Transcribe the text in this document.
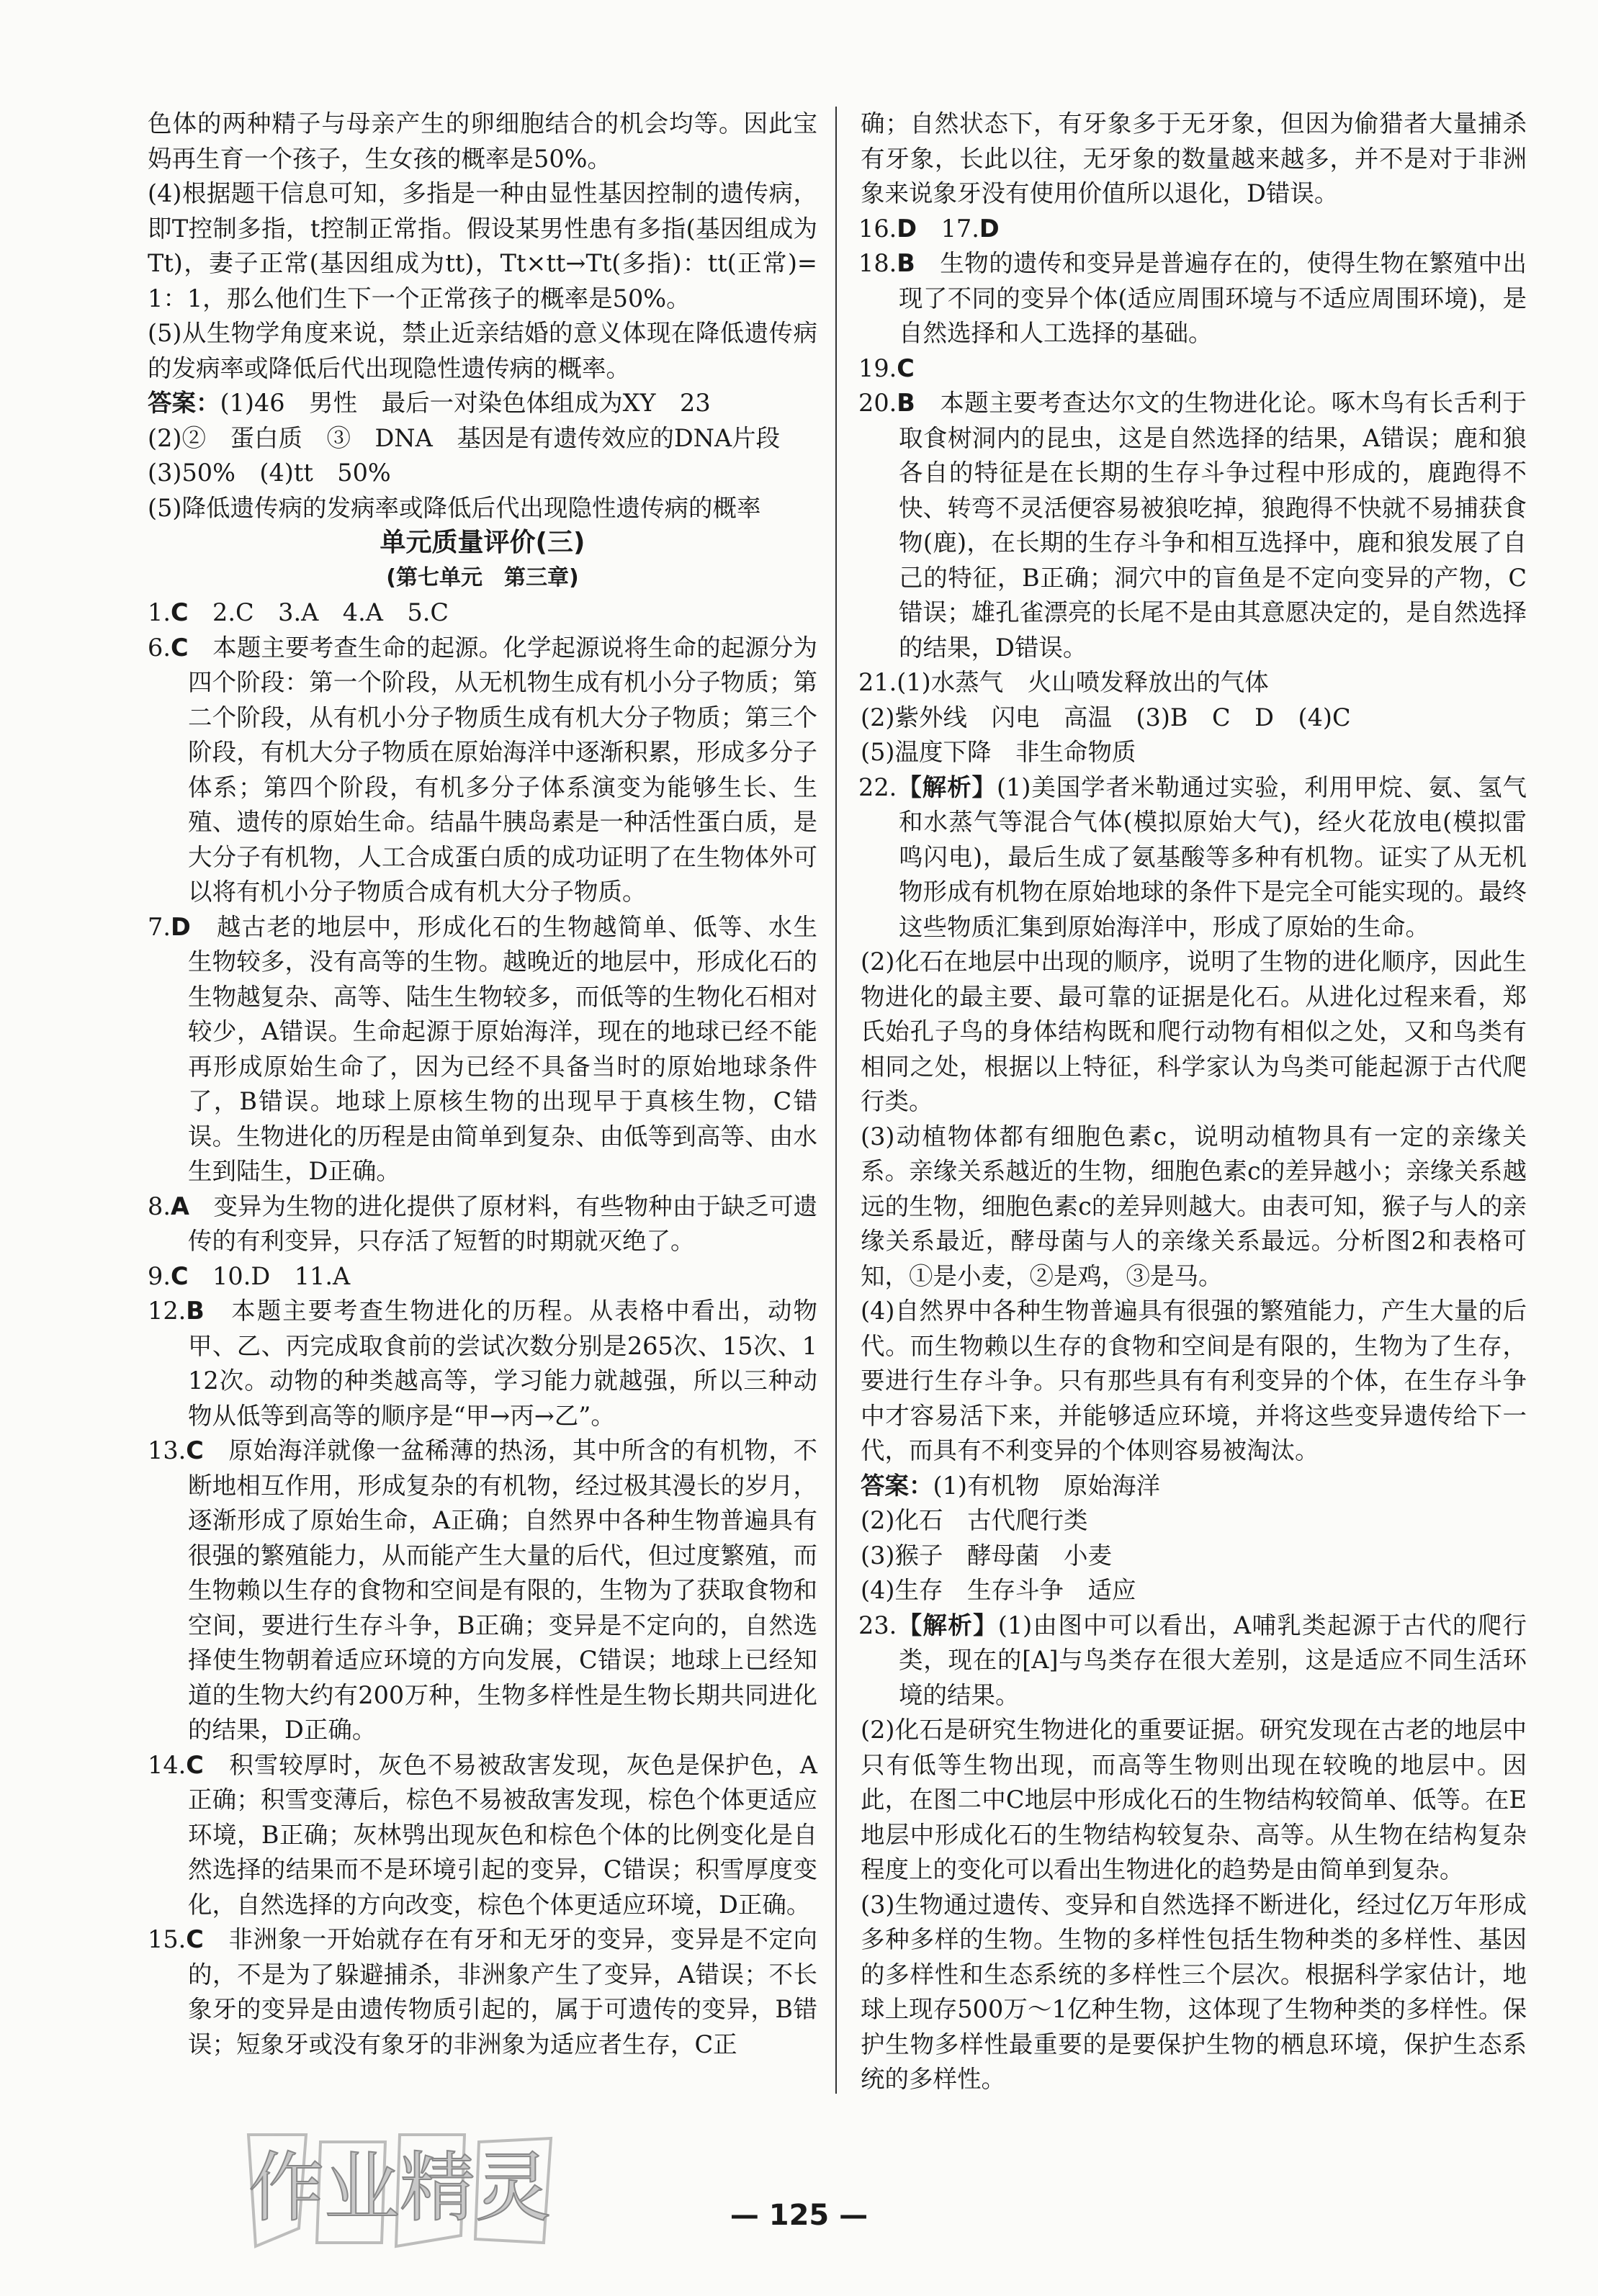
色体的两种精子与母亲产生的卵细胞结合的机会均等。因此宝妈再生育一个孩子，生女孩的概率是50%。

(4)根据题干信息可知，多指是一种由显性基因控制的遗传病，即T控制多指，t控制正常指。假设某男性患有多指(基因组成为Tt)，妻子正常(基因组成为tt)，Tt×tt→Tt(多指)：tt(正常)=1：1，那么他们生下一个正常孩子的概率是50%。

(5)从生物学角度来说，禁止近亲结婚的意义体现在降低遗传病的发病率或降低后代出现隐性遗传病的概率。

答案：(1)46　男性　最后一对染色体组成为XY　23

(2)②　蛋白质　③　DNA　基因是有遗传效应的DNA片段

(3)50%　(4)tt　50%

(5)降低遗传病的发病率或降低后代出现隐性遗传病的概率

单元质量评价(三)

(第七单元　第三章)

1.C　2.C　3.A　4.A　5.C

6.C　本题主要考查生命的起源。化学起源说将生命的起源分为四个阶段：第一个阶段，从无机物生成有机小分子物质；第二个阶段，从有机小分子物质生成有机大分子物质；第三个阶段，有机大分子物质在原始海洋中逐渐积累，形成多分子体系；第四个阶段，有机多分子体系演变为能够生长、生殖、遗传的原始生命。结晶牛胰岛素是一种活性蛋白质，是大分子有机物，人工合成蛋白质的成功证明了在生物体外可以将有机小分子物质合成有机大分子物质。

7.D　越古老的地层中，形成化石的生物越简单、低等、水生生物较多，没有高等的生物。越晚近的地层中，形成化石的生物越复杂、高等、陆生生物较多，而低等的生物化石相对较少，A错误。生命起源于原始海洋，现在的地球已经不能再形成原始生命了，因为已经不具备当时的原始地球条件了，B错误。地球上原核生物的出现早于真核生物，C错误。生物进化的历程是由简单到复杂、由低等到高等、由水生到陆生，D正确。

8.A　变异为生物的进化提供了原材料，有些物种由于缺乏可遗传的有利变异，只存活了短暂的时期就灭绝了。

9.C　10.D　11.A

12.B　本题主要考查生物进化的历程。从表格中看出，动物甲、乙、丙完成取食前的尝试次数分别是265次、15次、112次。动物的种类越高等，学习能力就越强，所以三种动物从低等到高等的顺序是“甲→丙→乙”。

13.C　原始海洋就像一盆稀薄的热汤，其中所含的有机物，不断地相互作用，形成复杂的有机物，经过极其漫长的岁月，逐渐形成了原始生命，A正确；自然界中各种生物普遍具有很强的繁殖能力，从而能产生大量的后代，但过度繁殖，而生物赖以生存的食物和空间是有限的，生物为了获取食物和空间，要进行生存斗争，B正确；变异是不定向的，自然选择使生物朝着适应环境的方向发展，C错误；地球上已经知道的生物大约有200万种，生物多样性是生物长期共同进化的结果，D正确。

14.C　积雪较厚时，灰色不易被敌害发现，灰色是保护色，A正确；积雪变薄后，棕色不易被敌害发现，棕色个体更适应环境，B正确；灰林鸮出现灰色和棕色个体的比例变化是自然选择的结果而不是环境引起的变异，C错误；积雪厚度变化，自然选择的方向改变，棕色个体更适应环境，D正确。

15.C　非洲象一开始就存在有牙和无牙的变异，变异是不定向的，不是为了躲避捕杀，非洲象产生了变异，A错误；不长象牙的变异是由遗传物质引起的，属于可遗传的变异，B错误；短象牙或没有象牙的非洲象为适应者生存，C正

确；自然状态下，有牙象多于无牙象，但因为偷猎者大量捕杀有牙象，长此以往，无牙象的数量越来越多，并不是对于非洲象来说象牙没有使用价值所以退化，D错误。

16.D　17.D

18.B　生物的遗传和变异是普遍存在的，使得生物在繁殖中出现了不同的变异个体(适应周围环境与不适应周围环境)，是自然选择和人工选择的基础。

19.C

20.B　本题主要考查达尔文的生物进化论。啄木鸟有长舌利于取食树洞内的昆虫，这是自然选择的结果，A错误；鹿和狼各自的特征是在长期的生存斗争过程中形成的，鹿跑得不快、转弯不灵活便容易被狼吃掉，狼跑得不快就不易捕获食物(鹿)，在长期的生存斗争和相互选择中，鹿和狼发展了自己的特征，B正确；洞穴中的盲鱼是不定向变异的产物，C错误；雄孔雀漂亮的长尾不是由其意愿决定的，是自然选择的结果，D错误。

21.(1)水蒸气　火山喷发释放出的气体

(2)紫外线　闪电　高温　(3)B　C　D　(4)C

(5)温度下降　非生命物质

22.【解析】(1)美国学者米勒通过实验，利用甲烷、氨、氢气和水蒸气等混合气体(模拟原始大气)，经火花放电(模拟雷鸣闪电)，最后生成了氨基酸等多种有机物。证实了从无机物形成有机物在原始地球的条件下是完全可能实现的。最终这些物质汇集到原始海洋中，形成了原始的生命。

(2)化石在地层中出现的顺序，说明了生物的进化顺序，因此生物进化的最主要、最可靠的证据是化石。从进化过程来看，郑氏始孔子鸟的身体结构既和爬行动物有相似之处，又和鸟类有相同之处，根据以上特征，科学家认为鸟类可能起源于古代爬行类。

(3)动植物体都有细胞色素c，说明动植物具有一定的亲缘关系。亲缘关系越近的生物，细胞色素c的差异越小；亲缘关系越远的生物，细胞色素c的差异则越大。由表可知，猴子与人的亲缘关系最近，酵母菌与人的亲缘关系最远。分析图2和表格可知，①是小麦，②是鸡，③是马。

(4)自然界中各种生物普遍具有很强的繁殖能力，产生大量的后代。而生物赖以生存的食物和空间是有限的，生物为了生存，要进行生存斗争。只有那些具有有利变异的个体，在生存斗争中才容易活下来，并能够适应环境，并将这些变异遗传给下一代，而具有不利变异的个体则容易被淘汰。

答案：(1)有机物　原始海洋

(2)化石　古代爬行类

(3)猴子　酵母菌　小麦

(4)生存　生存斗争　适应

23.【解析】(1)由图中可以看出，A哺乳类起源于古代的爬行类，现在的[A]与鸟类存在很大差别，这是适应不同生活环境的结果。

(2)化石是研究生物进化的重要证据。研究发现在古老的地层中只有低等生物出现，而高等生物则出现在较晚的地层中。因此，在图二中C地层中形成化石的生物结构较简单、低等。在E地层中形成化石的生物结构较复杂、高等。从生物在结构复杂程度上的变化可以看出生物进化的趋势是由简单到复杂。

(3)生物通过遗传、变异和自然选择不断进化，经过亿万年形成多种多样的生物。生物的多样性包括生物种类的多样性、基因的多样性和生态系统的多样性三个层次。根据科学家估计，地球上现存500万～1亿种生物，这体现了生物种类的多样性。保护生物多样性最重要的是要保护生物的栖息环境，保护生态系统的多样性。

— 125 —
作业精灵
